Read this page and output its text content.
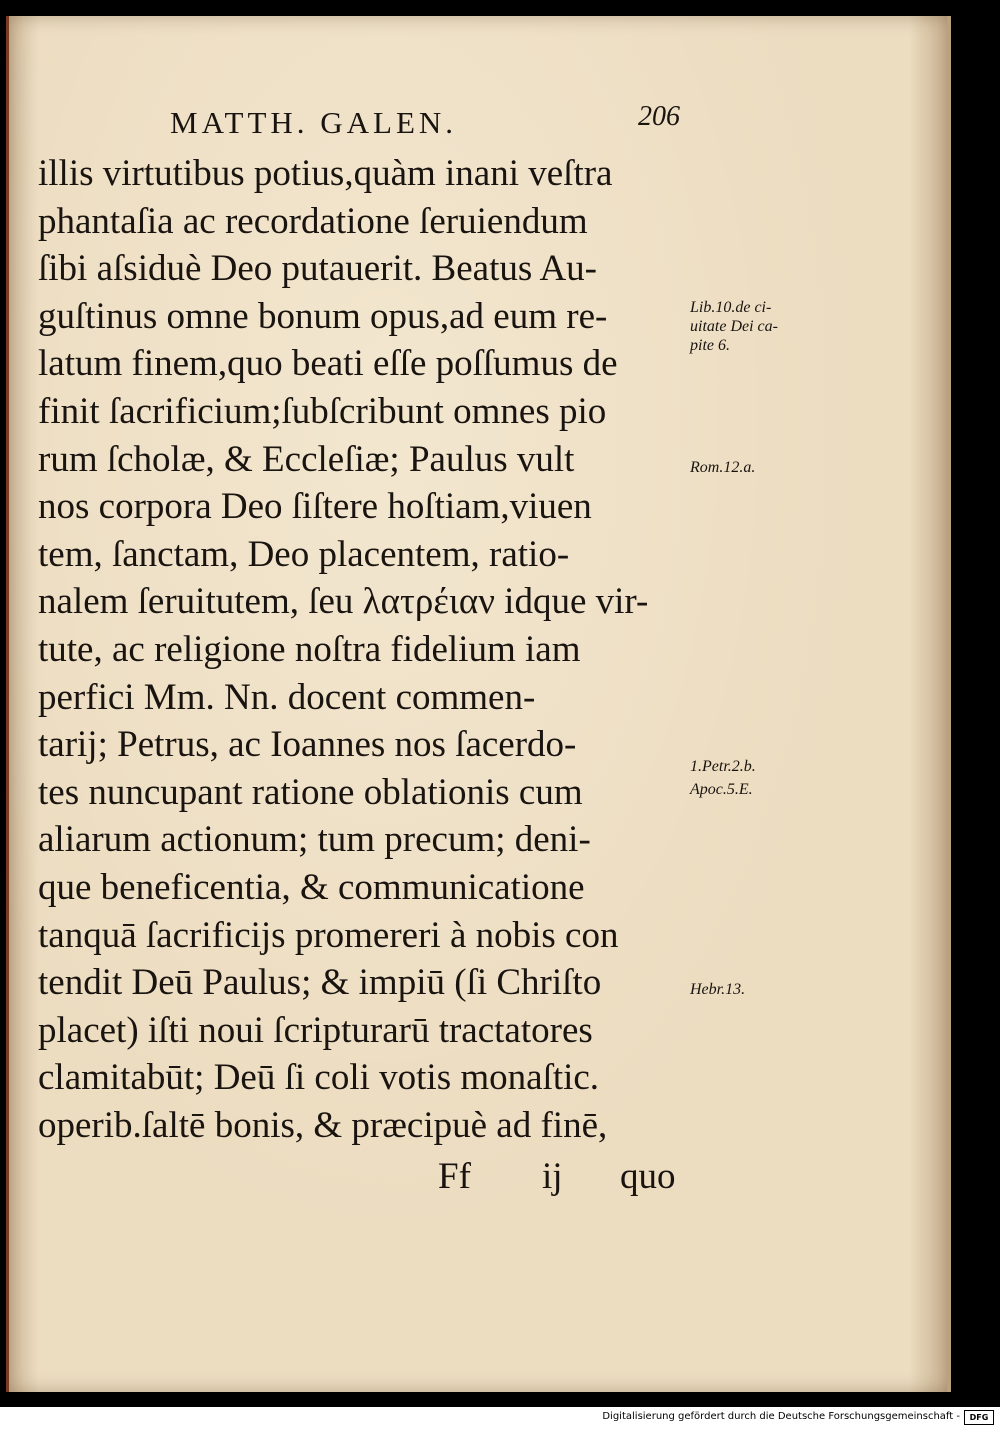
MATTH. GALEN.	206
illis virtutibus potius,quàm inani veſtra
phantaſia ac recordatione ſeruiendum
ſibi aſsiduè Deo putauerit. Beatus Au-
guſtinus omne bonum opus,ad eum re-
latum finem,quo beati eſſe poſſumus de
finit ſacrificium;ſubſcribunt omnes pio
rum ſcholæ, & Eccleſiæ; Paulus vult
nos corpora Deo ſiſtere hoſtiam,viuen
tem, ſanctam, Deo placentem, ratio-
nalem ſeruitutem, ſeu λατρέιαν idque vir-
tute, ac religione noſtra fidelium iam
perfici Mm. Nn. docent commen-
tarij; Petrus, ac Ioannes nos ſacerdo-
tes nuncupant ratione oblationis cum
aliarum actionum; tum precum; deni-
que beneficentia, & communicatione
tanquā ſacrificijs promereri à nobis con
tendit Deū Paulus; & impiū (ſi Chriſto
placet) iſti noui ſcripturarū tractatores
clamitabūt; Deū ſi coli votis monaſtic.
operib.ſaltē bonis, & præcipuè ad finē,
Ff ij quo
Lib.10.de ci-
uitate Dei ca-
pite 6.
Rom.12.a.
1.Petr.2.b.
Apoc.5.E.
Hebr.13.
Digitalisierung gefördert durch die Deutsche Forschungsgemeinschaft -	DFG
